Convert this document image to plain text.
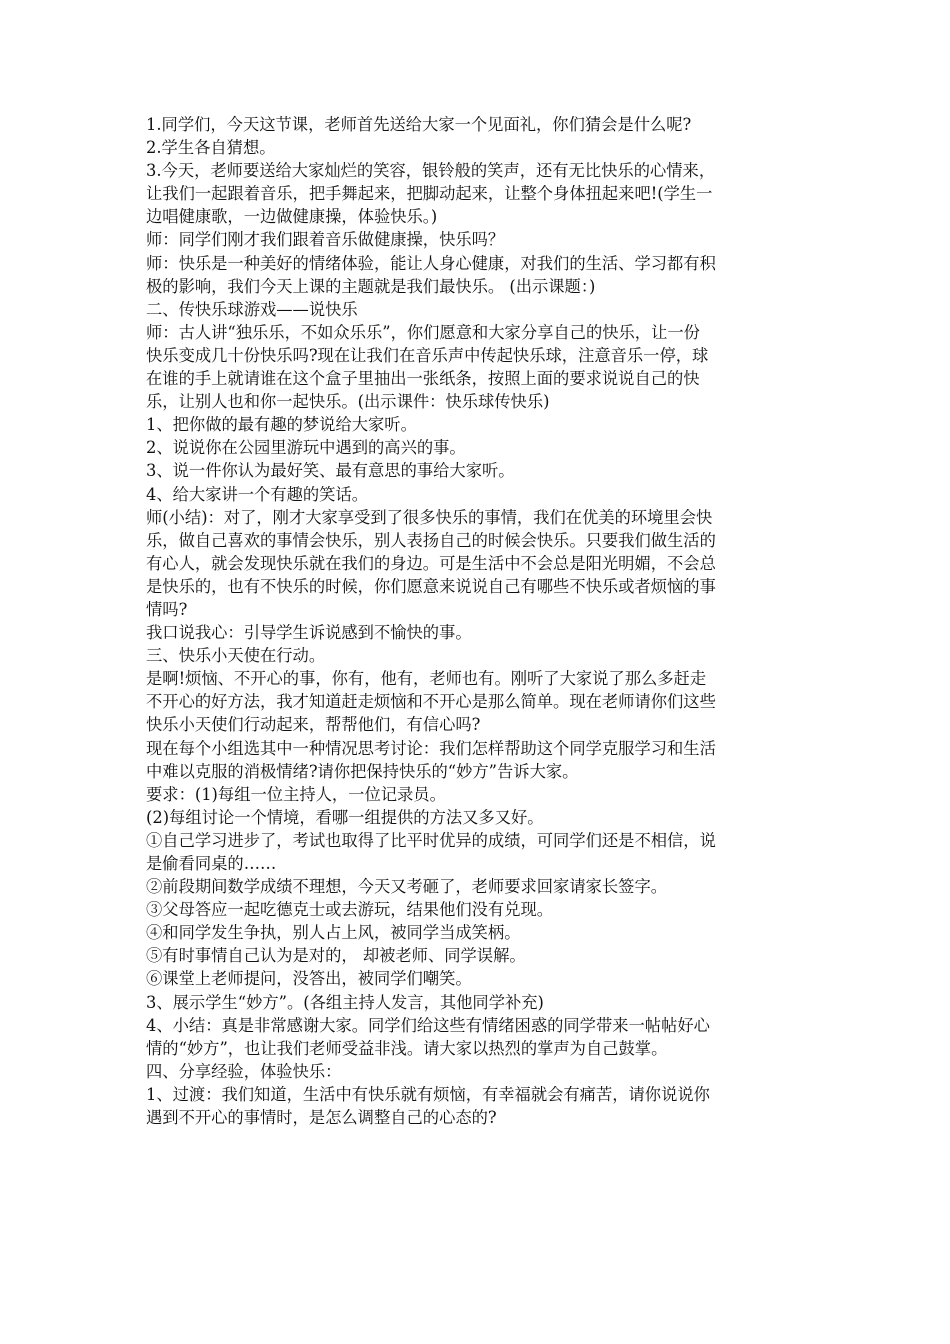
1.同学们，今天这节课，老师首先送给大家一个见面礼，你们猜会是什么呢?
2.学生各自猜想。
3.今天，老师要送给大家灿烂的笑容，银铃般的笑声，还有无比快乐的心情来，
让我们一起跟着音乐，把手舞起来，把脚动起来，让整个身体扭起来吧!(学生一
边唱健康歌，一边做健康操，体验快乐。)
师：同学们刚才我们跟着音乐做健康操，快乐吗？
师：快乐是一种美好的情绪体验，能让人身心健康，对我们的生活、学习都有积
极的影响，我们今天上课的主题就是我们最快乐。 (出示课题：)
二、传快乐球游戏——说快乐
师：古人讲“独乐乐，不如众乐乐”，你们愿意和大家分享自己的快乐，让一份
快乐变成几十份快乐吗?现在让我们在音乐声中传起快乐球，注意音乐一停，球
在谁的手上就请谁在这个盒子里抽出一张纸条，按照上面的要求说说自己的快
乐，让别人也和你一起快乐。(出示课件：快乐球传快乐)
1、把你做的最有趣的梦说给大家听。
2、说说你在公园里游玩中遇到的高兴的事。
3、说一件你认为最好笑、最有意思的事给大家听。
4、给大家讲一个有趣的笑话。
师(小结)：对了，刚才大家享受到了很多快乐的事情，我们在优美的环境里会快
乐，做自己喜欢的事情会快乐，别人表扬自己的时候会快乐。只要我们做生活的
有心人，就会发现快乐就在我们的身边。可是生活中不会总是阳光明媚，不会总
是快乐的，也有不快乐的时候，你们愿意来说说自己有哪些不快乐或者烦恼的事
情吗?
我口说我心：引导学生诉说感到不愉快的事。
三、快乐小天使在行动。
是啊!烦恼、不开心的事，你有，他有，老师也有。刚听了大家说了那么多赶走
不开心的好方法，我才知道赶走烦恼和不开心是那么简单。现在老师请你们这些
快乐小天使们行动起来，帮帮他们，有信心吗?
现在每个小组选其中一种情况思考讨论：我们怎样帮助这个同学克服学习和生活
中难以克服的消极情绪?请你把保持快乐的“妙方”告诉大家。
要求：(1)每组一位主持人，一位记录员。
(2)每组讨论一个情境，看哪一组提供的方法又多又好。
①自己学习进步了，考试也取得了比平时优异的成绩，可同学们还是不相信，说
是偷看同桌的……
②前段期间数学成绩不理想，今天又考砸了，老师要求回家请家长签字。
③父母答应一起吃德克士或去游玩，结果他们没有兑现。
④和同学发生争执，别人占上风，被同学当成笑柄。
⑤有时事情自己认为是对的， 却被老师、同学误解。
⑥课堂上老师提问，没答出，被同学们嘲笑。
3、展示学生“妙方”。(各组主持人发言，其他同学补充)
4、小结：真是非常感谢大家。同学们给这些有情绪困惑的同学带来一帖帖好心
情的“妙方”，也让我们老师受益非浅。请大家以热烈的掌声为自己鼓掌。
四、分享经验，体验快乐：
1、过渡：我们知道，生活中有快乐就有烦恼，有幸福就会有痛苦，请你说说你
遇到不开心的事情时，是怎么调整自己的心态的?
